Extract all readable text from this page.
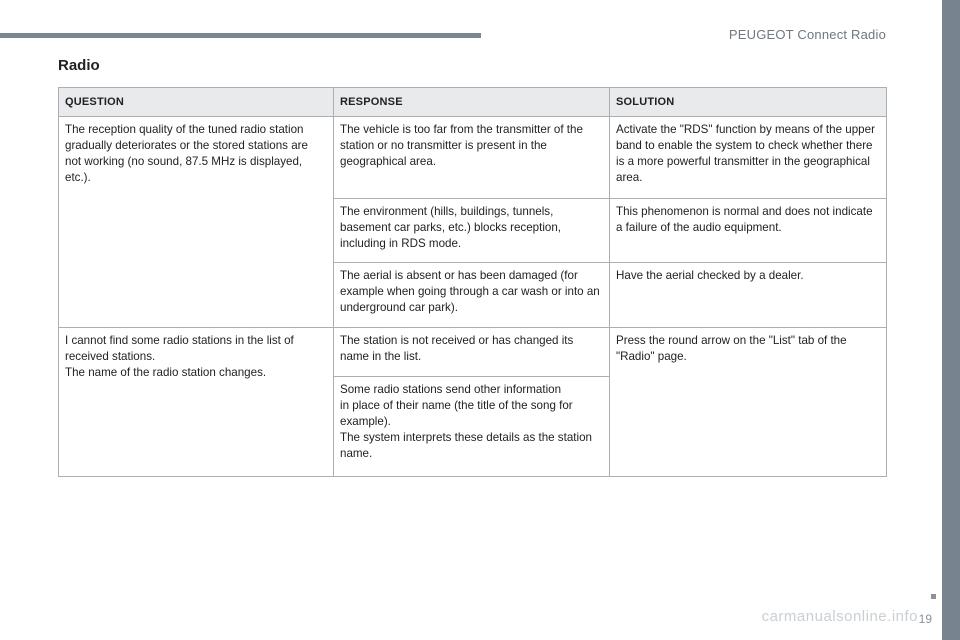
PEUGEOT Connect Radio
Radio
QUESTION	RESPONSE	SOLUTION
The reception quality of the tuned radio station gradually deteriorates or the stored stations are not working (no sound, 87.5 MHz is displayed, etc.).	The vehicle is too far from the transmitter of the station or no transmitter is present in the geographical area.	Activate the "RDS" function by means of the upper band to enable the system to check whether there is a more powerful transmitter in the geographical area.
	The environment (hills, buildings, tunnels, basement car parks, etc.) blocks reception, including in RDS mode.	This phenomenon is normal and does not indicate a failure of the audio equipment.
	The aerial is absent or has been damaged (for example when going through a car wash or into an underground car park).	Have the aerial checked by a dealer.
I cannot find some radio stations in the list of received stations.
The name of the radio station changes.	The station is not received or has changed its name in the list.	Press the round arrow on the "List" tab of the "Radio" page.
	Some radio stations send other information
in place of their name (the title of the song for example).
The system interprets these details as the station name.	
carmanualsonline.info 19
